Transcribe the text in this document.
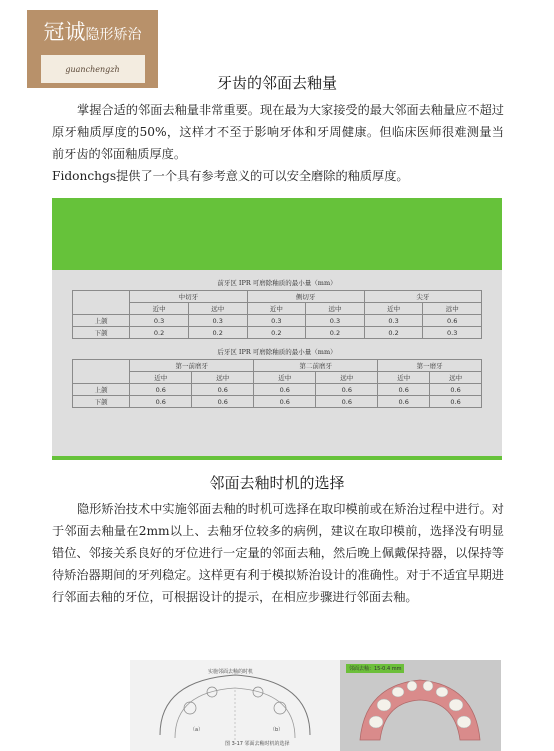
冠诚隐形矫治
guanchengzh
牙齿的邻面去釉量

掌握合适的邻面去釉量非常重要。现在最为大家接受的最大邻面去釉量应不超过原牙釉质厚度的50%，这样才不至于影响牙体和牙周健康。但临床医师很难测量当前牙齿的邻面釉质厚度。

Fidonchgs提供了一个具有参考意义的可以安全磨除的釉质厚度。

前牙区 IPR 可磨除釉质的最小量（mm）
	中切牙		侧切牙		尖牙	
	近中	远中	近中	远中	近中	远中
上颌	0.3	0.3	0.3	0.3	0.3	0.6
下颌	0.2	0.2	0.2	0.2	0.2	0.3
后牙区 IPR 可磨除釉质的最小量（mm）
	第一前磨牙		第二前磨牙		第一磨牙	
	近中	远中	近中	远中	近中	远中
上颌	0.6	0.6	0.6	0.6	0.6	0.6
下颌	0.6	0.6	0.6	0.6	0.6	0.6
邻面去釉时机的选择

隐形矫治技术中实施邻面去釉的时机可选择在取印模前或在矫治过程中进行。对于邻面去釉量在2mm以上、去釉牙位较多的病例，建议在取印模前，选择没有明显错位、邻接关系良好的牙位进行一定量的邻面去釉，然后晚上佩戴保持器，以保持等待矫治器期间的牙列稳定。这样更有利于模拟矫治设计的准确性。对于不适宜早期进行邻面去釉的牙位，可根据设计的提示，在相应步骤进行邻面去釉。

实施邻面去釉的时机
（a）	（b）
图 3-17 邻面去釉时机的选择
邻面去釉：15-0.4 mm
